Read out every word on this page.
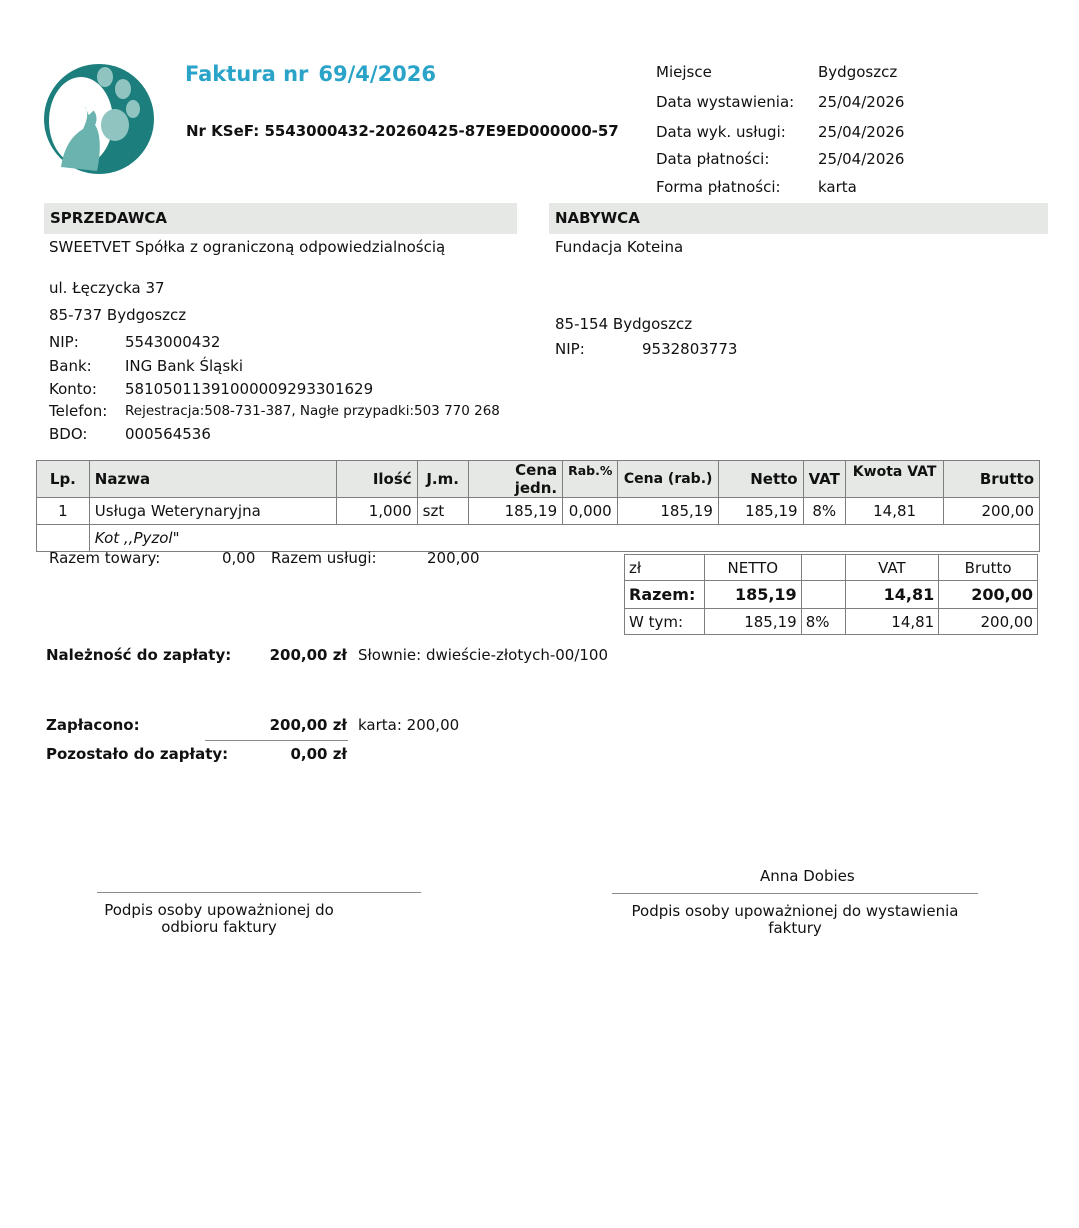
Faktura nr 69/4/2026
Nr KSeF: 5543000432-20260425-87E9ED000000-57
Miejsce	Bydgoszcz
Data wystawienia: 25/04/2026
Data wyk. usługi: 25/04/2026
Data płatności:	25/04/2026
Forma płatności: karta
SPRZEDAWCA
SWEETVET Spółka z ograniczoną odpowiedzialnością
ul. Łęczycka 37
85-737 Bydgoszcz
NIP:	5543000432
Bank: ING Bank Śląski
Konto: 58105011391000009293301629
Telefon: Rejestracja:508-731-387, Nagłe przypadki:503 770 268
BDO:	000564536
NABYWCA
Fundacja Koteina
85-154 Bydgoszcz
NIP:	9532803773
Lp.	Nazwa	Ilość	J.m.	Cena jedn.	Rab.%	Cena (rab.)	Netto	VAT	Kwota VAT	Brutto
1	Usługa Weterynaryjna	1,000	szt	185,19	0,000	185,19	185,19	8%	14,81	200,00
	Kot ,,Pyzol"									
Razem towary:	0,00 Razem usługi:	200,00
zł	NETTO		VAT	Brutto
Razem:	185,19		14,81	200,00
W tym:	185,19	8%	14,81	200,00
Należność do zapłaty:	200,00 zł Słownie: dwieście-złotych-00/100
Zapłacono:	200,00 zł karta: 200,00
Pozostało do zapłaty:	0,00 zł
Podpis osoby upoważnionej do odbioru faktury
Anna Dobies
Podpis osoby upoważnionej do wystawienia faktury
